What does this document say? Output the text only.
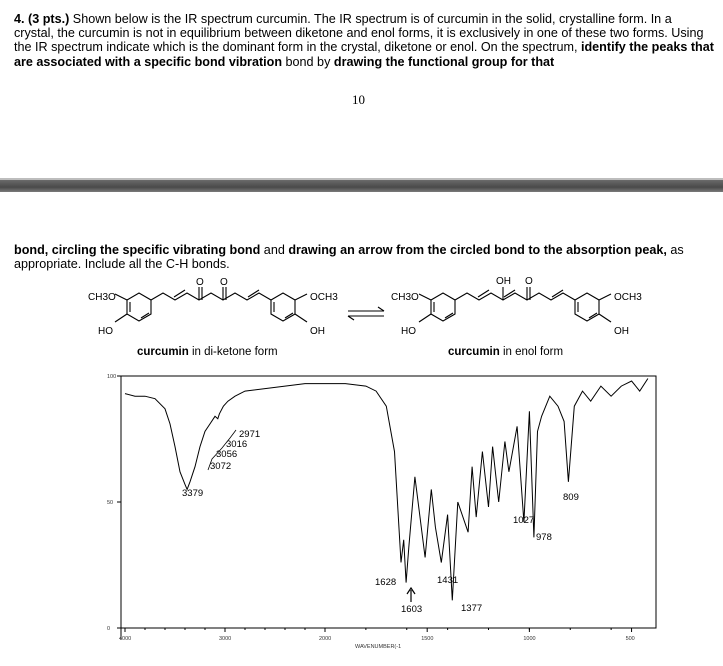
4. (3 pts.) Shown below is the IR spectrum curcumin. The IR spectrum is of curcumin in the solid, crystalline form. In a crystal, the curcumin is not in equilibrium between diketone and enol forms, it is exclusively in one of these two forms. Using the IR spectrum indicate which is the dominant form in the crystal, diketone or enol. On the spectrum, identify the peaks that are associated with a specific bond vibration bond by drawing the functional group for that
10
bond, circling the specific vibrating bond and drawing an arrow from the circled bond to the absorption peak, as appropriate. Include all the C-H bonds.
CH3O
HO
OCH3
OH
O O
curcumin in di-ketone form
CH3O
HO
OCH3
OH
OH O
curcumin in enol form
100
50
0
4000	3000	2000	1500	1000	500
2971
3016
3056
3072
3379
1628
1603
1431
1377
1027
978
809
WAVENUMBER(-1
